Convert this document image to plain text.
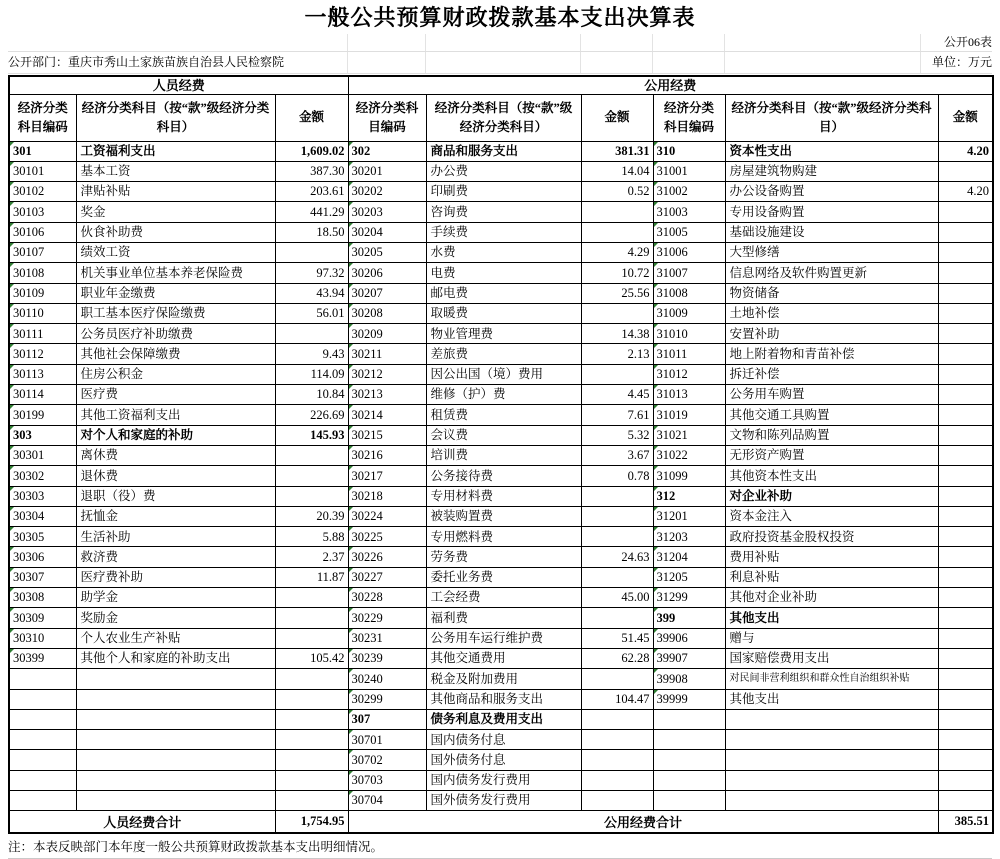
一般公共预算财政拨款基本支出决算表
公开06表
公开部门：重庆市秀山土家族苗族自治县人民检察院	单位：万元
人员经费			公用经费					
经济分类科目编码	经济分类科目（按“款”级经济分类科目）	金额	经济分类科目编码	经济分类科目（按“款”级经济分类科目）	金额	经济分类科目编码	经济分类科目（按“款”级经济分类科目）	金额
301	工资福利支出	1,609.02	302	商品和服务支出	381.31	310	资本性支出	4.20
30101	基本工资	387.30	30201	办公费	14.04	31001	房屋建筑物购建	
30102	津贴补贴	203.61	30202	印刷费	0.52	31002	办公设备购置	4.20
30103	奖金	441.29	30203	咨询费		31003	专用设备购置	
30106	伙食补助费	18.50	30204	手续费		31005	基础设施建设	
30107	绩效工资		30205	水费	4.29	31006	大型修缮	
30108	机关事业单位基本养老保险费	97.32	30206	电费	10.72	31007	信息网络及软件购置更新	
30109	职业年金缴费	43.94	30207	邮电费	25.56	31008	物资储备	
30110	职工基本医疗保险缴费	56.01	30208	取暖费		31009	土地补偿	
30111	公务员医疗补助缴费		30209	物业管理费	14.38	31010	安置补助	
30112	其他社会保障缴费	9.43	30211	差旅费	2.13	31011	地上附着物和青苗补偿	
30113	住房公积金	114.09	30212	因公出国（境）费用		31012	拆迁补偿	
30114	医疗费	10.84	30213	维修（护）费	4.45	31013	公务用车购置	
30199	其他工资福利支出	226.69	30214	租赁费	7.61	31019	其他交通工具购置	
303	对个人和家庭的补助	145.93	30215	会议费	5.32	31021	文物和陈列品购置	
30301	离休费		30216	培训费	3.67	31022	无形资产购置	
30302	退休费		30217	公务接待费	0.78	31099	其他资本性支出	
30303	退职（役）费		30218	专用材料费		312	对企业补助	
30304	抚恤金	20.39	30224	被装购置费		31201	资本金注入	
30305	生活补助	5.88	30225	专用燃料费		31203	政府投资基金股权投资	
30306	救济费	2.37	30226	劳务费	24.63	31204	费用补贴	
30307	医疗费补助	11.87	30227	委托业务费		31205	利息补贴	
30308	助学金		30228	工会经费	45.00	31299	其他对企业补助	
30309	奖励金		30229	福利费		399	其他支出	
30310	个人农业生产补贴		30231	公务用车运行维护费	51.45	39906	赠与	
30399	其他个人和家庭的补助支出	105.42	30239	其他交通费用	62.28	39907	国家赔偿费用支出	
			30240	税金及附加费用		39908	对民间非营利组织和群众性自治组织补贴	
			30299	其他商品和服务支出	104.47	39999	其他支出	
			307	债务利息及费用支出				
			30701	国内债务付息				
			30702	国外债务付息				
			30703	国内债务发行费用				
			30704	国外债务发行费用				
人员经费合计		1,754.95	公用经费合计					385.51
注：本表反映部门本年度一般公共预算财政拨款基本支出明细情况。
